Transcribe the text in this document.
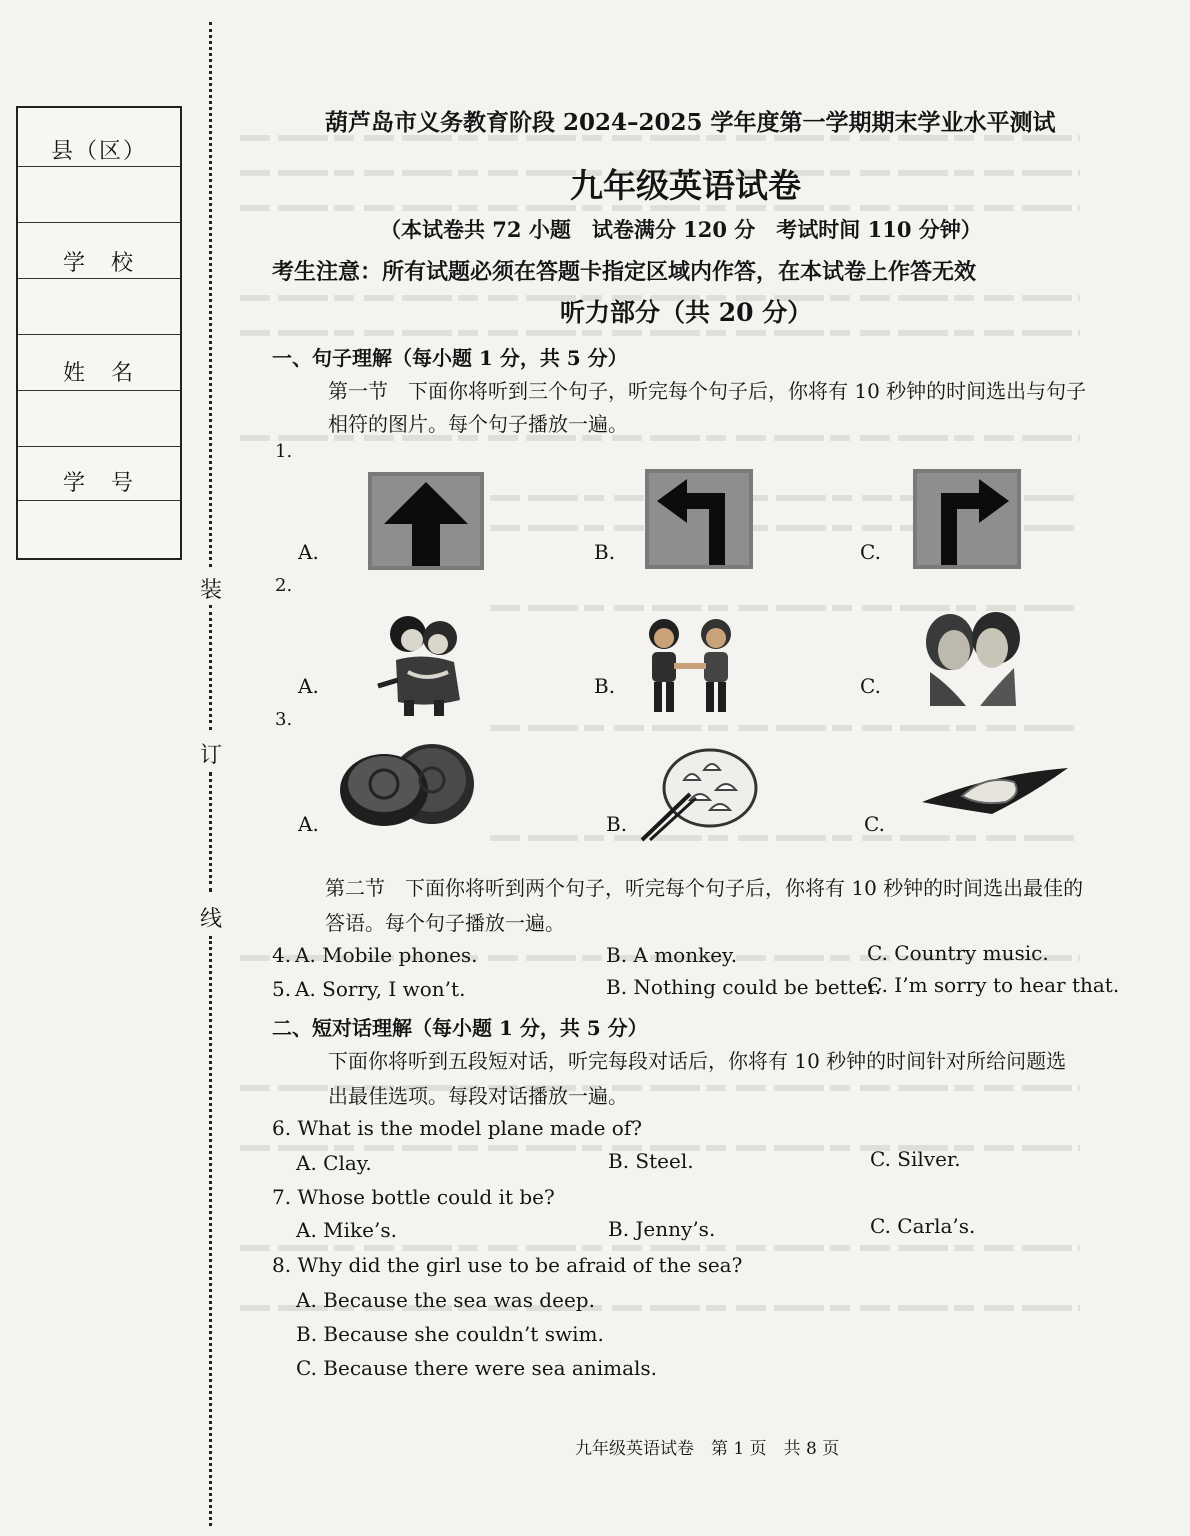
装
订
线
县（区）
学　校
姓　名
学　号
葫芦岛市义务教育阶段 2024–2025 学年度第一学期期末学业水平测试
九年级英语试卷
（本试卷共 72 小题　试卷满分 120 分　考试时间 110 分钟）
考生注意：所有试题必须在答题卡指定区域内作答，在本试卷上作答无效
听力部分（共 20 分）
一、句子理解（每小题 1 分，共 5 分）
第一节　下面你将听到三个句子，听完每个句子后，你将有 10 秒钟的时间选出与句子
相符的图片。每个句子播放一遍。
1.
A.	B.	C.
2.
A.	B.	C.
3.
A.	B.	C.
第二节　下面你将听到两个句子，听完每个句子后，你将有 10 秒钟的时间选出最佳的
答语。每个句子播放一遍。
4. A. Mobile phones.	B. A monkey.	C. Country music.
5. A. Sorry, I won’t.	B. Nothing could be better.
C. I’m sorry to hear that.
二、短对话理解（每小题 1 分，共 5 分）
下面你将听到五段短对话，听完每段对话后，你将有 10 秒钟的时间针对所给问题选
出最佳选项。每段对话播放一遍。
6. What is the model plane made of?
A. Clay.	B. Steel.	C. Silver.
7. Whose bottle could it be?
A. Mike’s.	B. Jenny’s.	C. Carla’s.
8. Why did the girl use to be afraid of the sea?
A. Because the sea was deep.
B. Because she couldn’t swim.
C. Because there were sea animals.
九年级英语试卷　第 1 页　共 8 页
